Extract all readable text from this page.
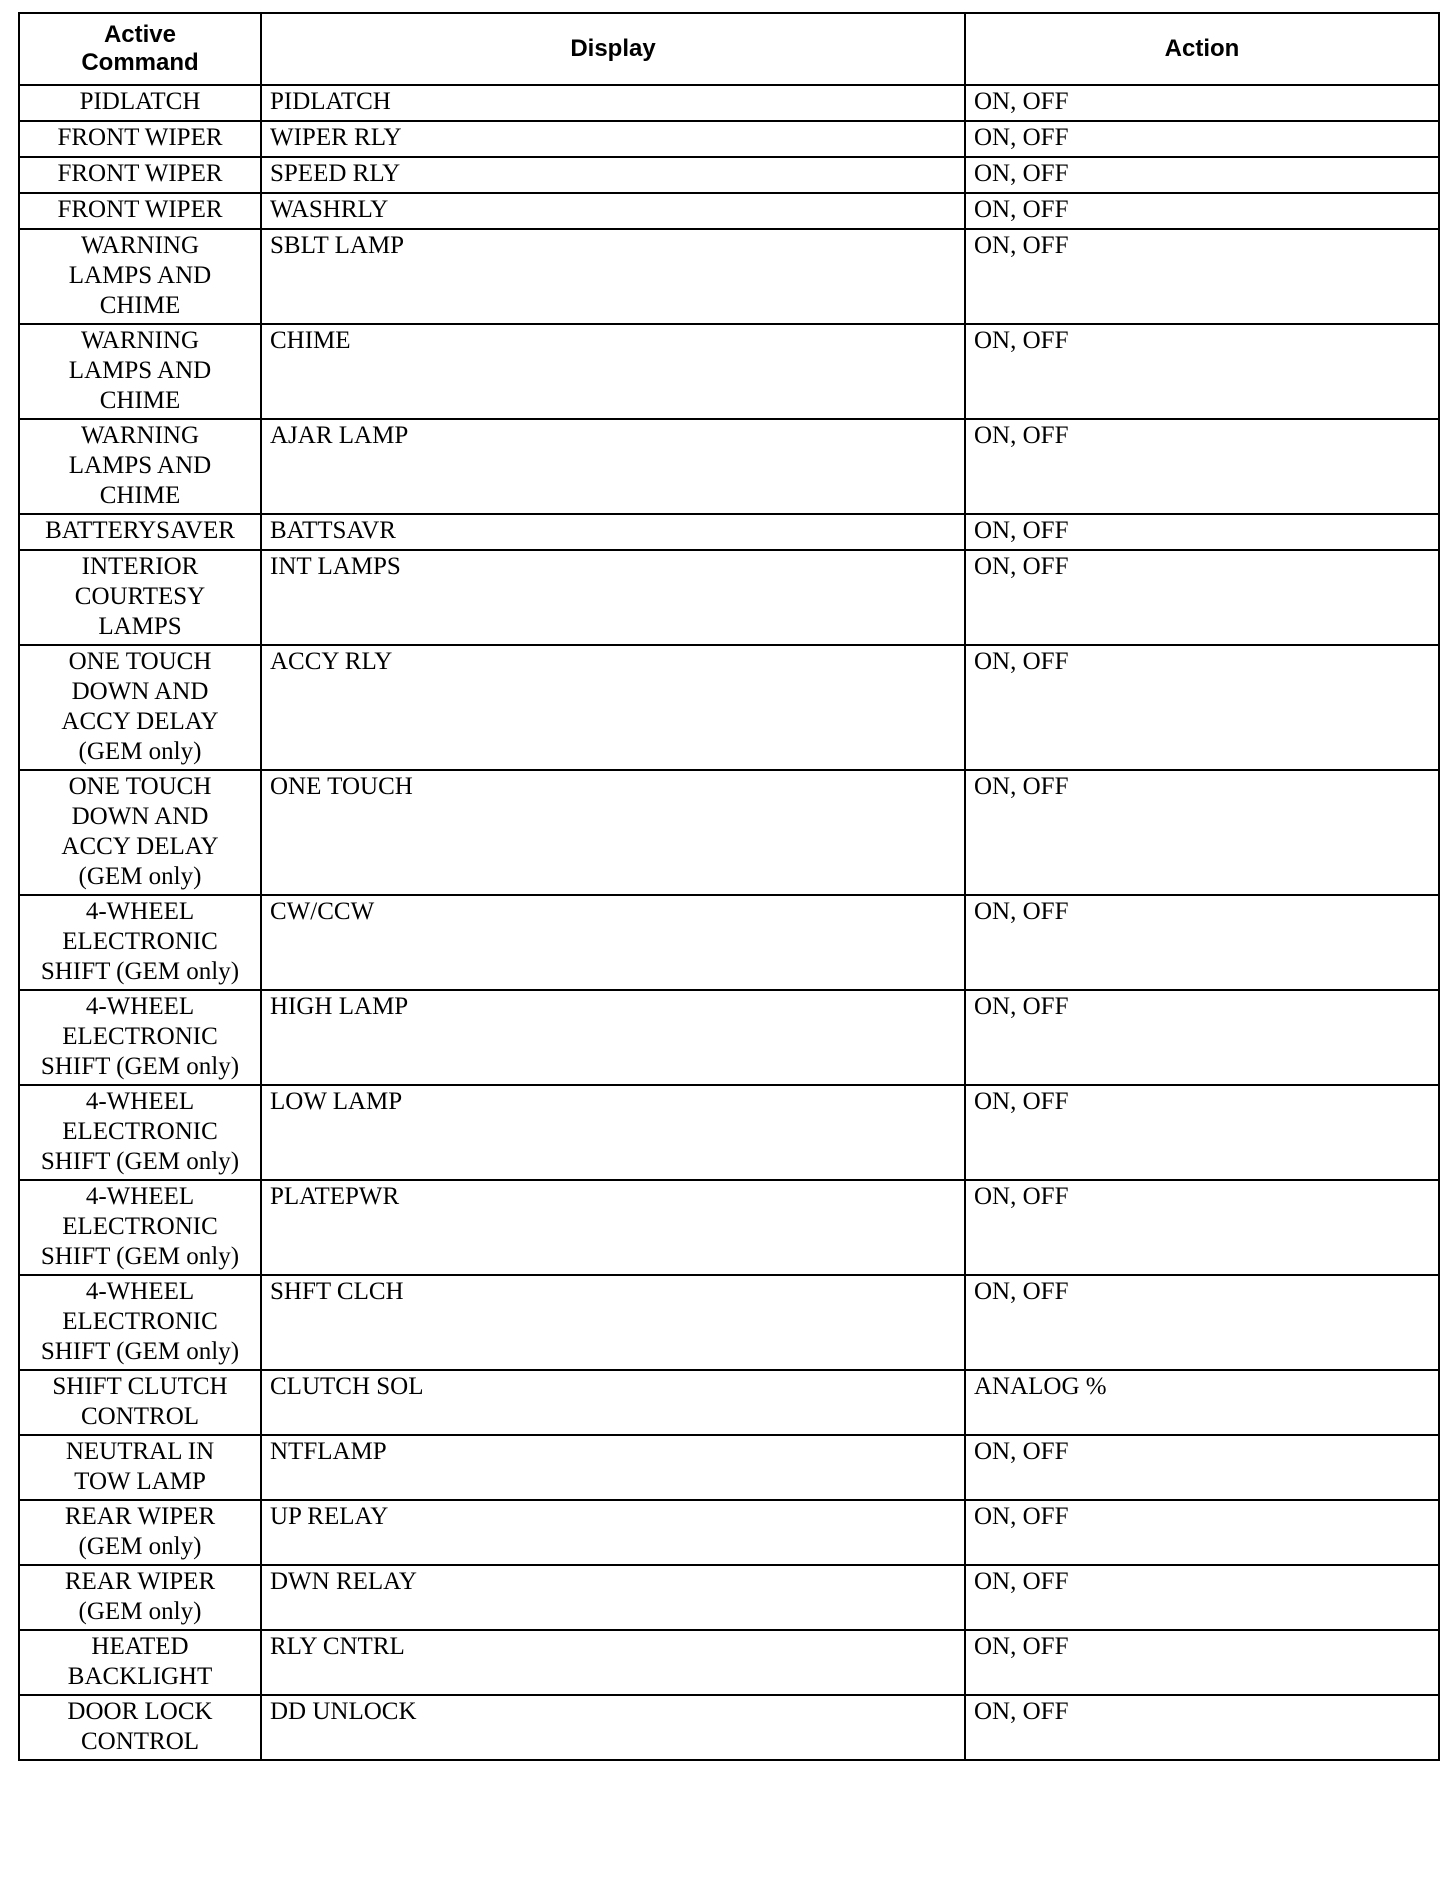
Active
Command	Display	Action
PIDLATCH	PIDLATCH	ON, OFF
FRONT WIPER	WIPER RLY	ON, OFF
FRONT WIPER	SPEED RLY	ON, OFF
FRONT WIPER	WASHRLY	ON, OFF
WARNING
LAMPS AND
CHIME	SBLT LAMP	ON, OFF
WARNING
LAMPS AND
CHIME	CHIME	ON, OFF
WARNING
LAMPS AND
CHIME	AJAR LAMP	ON, OFF
BATTERYSAVER	BATTSAVR	ON, OFF
INTERIOR
COURTESY
LAMPS	INT LAMPS	ON, OFF
ONE TOUCH
DOWN AND
ACCY DELAY
(GEM only)	ACCY RLY	ON, OFF
ONE TOUCH
DOWN AND
ACCY DELAY
(GEM only)	ONE TOUCH	ON, OFF
4-WHEEL
ELECTRONIC
SHIFT (GEM only)	CW/CCW	ON, OFF
4-WHEEL
ELECTRONIC
SHIFT (GEM only)	HIGH LAMP	ON, OFF
4-WHEEL
ELECTRONIC
SHIFT (GEM only)	LOW LAMP	ON, OFF
4-WHEEL
ELECTRONIC
SHIFT (GEM only)	PLATEPWR	ON, OFF
4-WHEEL
ELECTRONIC
SHIFT (GEM only)	SHFT CLCH	ON, OFF
SHIFT CLUTCH
CONTROL	CLUTCH SOL	ANALOG %
NEUTRAL IN
TOW LAMP	NTFLAMP	ON, OFF
REAR WIPER
(GEM only)	UP RELAY	ON, OFF
REAR WIPER
(GEM only)	DWN RELAY	ON, OFF
HEATED
BACKLIGHT	RLY CNTRL	ON, OFF
DOOR LOCK
CONTROL	DD UNLOCK	ON, OFF
